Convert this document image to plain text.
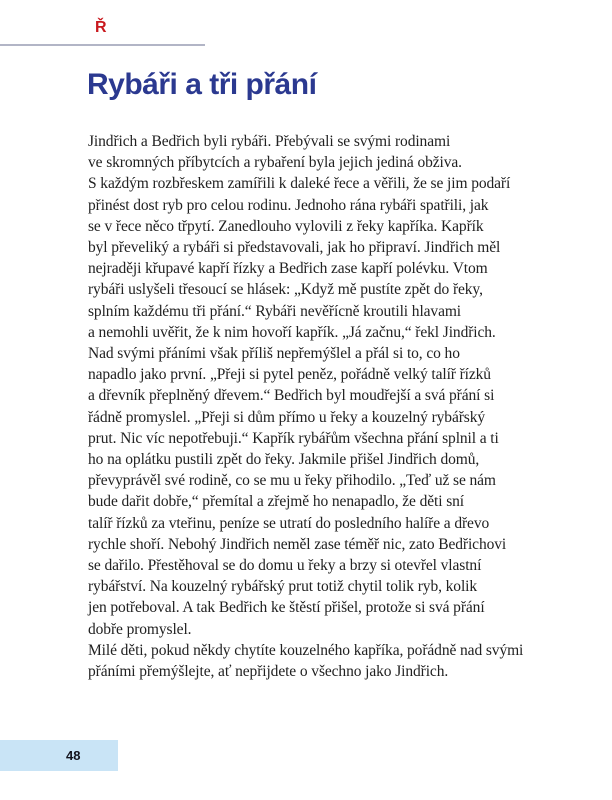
Ř
Rybáři a tři přání
Jindřich a Bedřich byli rybáři. Přebývali se svými rodinami
ve skromných příbytcích a rybaření byla jejich jediná obživa.
S každým rozbřeskem zamířili k daleké řece a věřili, že se jim podaří
přinést dost ryb pro celou rodinu. Jednoho rána rybáři spatřili, jak
se v řece něco třpytí. Zanedlouho vylovili z řeky kapříka. Kapřík
byl převeliký a rybáři si představovali, jak ho připraví. Jindřich měl
nejraději křupavé kapří řízky a Bedřich zase kapří polévku. Vtom
rybáři uslyšeli třesoucí se hlásek: „Když mě pustíte zpět do řeky,
splním každému tři přání.“ Rybáři nevěřícně kroutili hlavami
a nemohli uvěřit, že k nim hovoří kapřík. „Já začnu,“ řekl Jindřich.
Nad svými přáními však příliš nepřemýšlel a přál si to, co ho
napadlo jako první. „Přeji si pytel peněz, pořádně velký talíř řízků
a dřevník přeplněný dřevem.“ Bedřich byl moudřejší a svá přání si
řádně promyslel. „Přeji si dům přímo u řeky a kouzelný rybářský
prut. Nic víc nepotřebuji.“ Kapřík rybářům všechna přání splnil a ti
ho na oplátku pustili zpět do řeky. Jakmile přišel Jindřich domů,
převyprávěl své rodině, co se mu u řeky přihodilo. „Teď už se nám
bude dařit dobře,“ přemítal a zřejmě ho nenapadlo, že děti sní
talíř řízků za vteřinu, peníze se utratí do posledního halíře a dřevo
rychle shoří. Nebohý Jindřich neměl zase téměř nic, zato Bedřichovi
se dařilo. Přestěhoval se do domu u řeky a brzy si otevřel vlastní
rybářství. Na kouzelný rybářský prut totiž chytil tolik ryb, kolik
jen potřeboval. A tak Bedřich ke štěstí přišel, protože si svá přání
dobře promyslel.
Milé děti, pokud někdy chytíte kouzelného kapříka, pořádně nad svými
přáními přemýšlejte, ať nepřijdete o všechno jako Jindřich.
48
